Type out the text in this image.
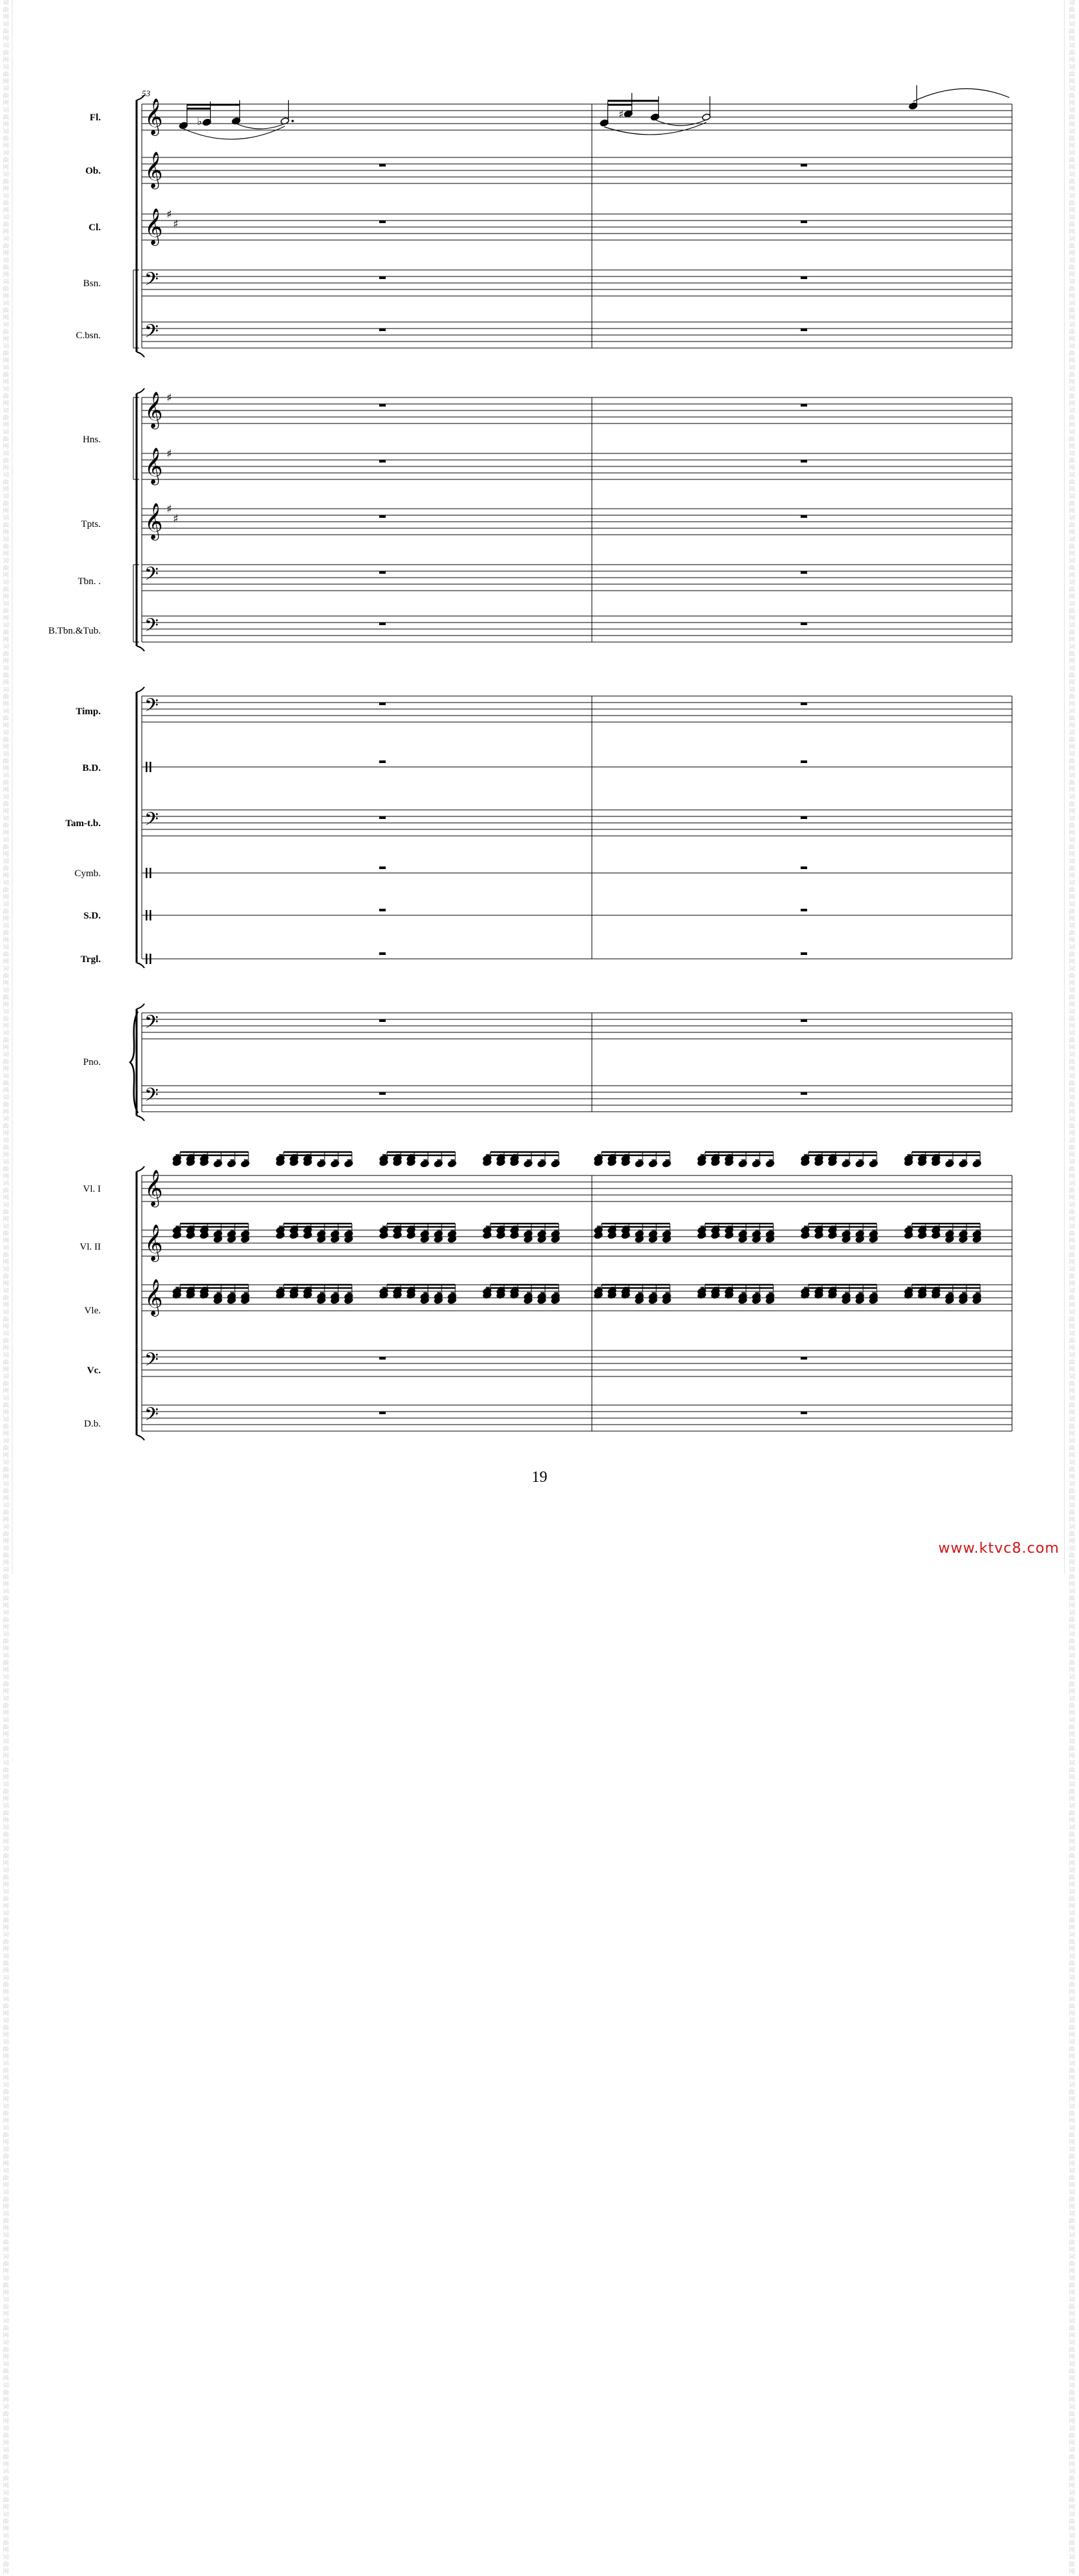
词曲网 词曲网 词曲网 词曲网 词曲网 词曲网 词曲网 词曲网 词曲网 词曲网 词曲网 词曲网 词曲网 词曲网 词曲网 词曲网 词曲网 词曲网 词曲网 词曲网 词曲网 词曲网 词曲网 词曲网 词曲网 词曲网 词曲网 词曲网 词曲网 词曲网 词曲网 词曲网 词曲网 词曲网 词曲网 词曲网 词曲网 词曲网 词曲网 词曲网 词曲网 词曲网 词曲网 词曲网 词曲网 词曲网 词曲网 词曲网 词曲网 词曲网 词曲网 词曲网 词曲网 词曲网 词曲网 词曲网 词曲网 词曲网 词曲网 词曲网 词曲网 词曲网 词曲网 词曲网 词曲网 词曲网 词曲网 词曲网 词曲网 词曲网 词曲网 词曲网 词曲网 词曲网 词曲网 词曲网 词曲网 词曲网 词曲网 词曲网 词曲网 词曲网 词曲网 词曲网 词曲网 词曲网 词曲网 词曲网 词曲网 词曲网 词曲网 词曲网 词曲网 词曲网 词曲网 词曲网 词曲网 词曲网 词曲网 词曲网 词曲网 词曲网 词曲网 词曲网 词曲网 词曲网 词曲网 词曲网 词曲网 词曲网 词曲网 词曲网 词曲网 词曲网 词曲网 词曲网 词曲网 词曲网 词曲网 词曲网
词曲网 词曲网 词曲网 词曲网 词曲网 词曲网 词曲网 词曲网 词曲网 词曲网 词曲网 词曲网 词曲网 词曲网 词曲网 词曲网 词曲网 词曲网 词曲网 词曲网 词曲网 词曲网 词曲网 词曲网 词曲网 词曲网 词曲网 词曲网 词曲网 词曲网 词曲网 词曲网 词曲网 词曲网 词曲网 词曲网 词曲网 词曲网 词曲网 词曲网 词曲网 词曲网 词曲网 词曲网 词曲网 词曲网 词曲网 词曲网 词曲网 词曲网 词曲网 词曲网 词曲网 词曲网 词曲网 词曲网 词曲网 词曲网 词曲网 词曲网 词曲网 词曲网 词曲网 词曲网 词曲网 词曲网 词曲网 词曲网 词曲网 词曲网 词曲网 词曲网 词曲网 词曲网 词曲网 词曲网 词曲网 词曲网 词曲网 词曲网 词曲网 词曲网 词曲网 词曲网 词曲网 词曲网 词曲网 词曲网 词曲网 词曲网 词曲网 词曲网 词曲网 词曲网 词曲网 词曲网 词曲网 词曲网 词曲网 词曲网 词曲网 词曲网 词曲网 词曲网 词曲网 词曲网 词曲网 词曲网 词曲网 词曲网 词曲网 词曲网 词曲网 词曲网 词曲网 词曲网 词曲网 词曲网 词曲网 词曲网
𝄞
Fl.
𝄞
Ob.
𝄞 ♯
♯
Cl.
𝄢
Bsn.
𝄢
C.bsn.
𝄞 ♯
𝄞 ♯
Hns.
𝄞 ♯
♯
Tpts.
𝄢
Tbn. .
𝄢
B.Tbn.&Tub.
𝄢
Timp.
B.D.
𝄢
Tam-t.b.
Cymb.
S.D.
Trgl.
𝄢
𝄢
Pno.
𝄞
Vl. I
𝄞
Vl. II
𝄞
Vle.
𝄢
Vc.
𝄢
D.b.
53
♭
♯
19
www.ktvc8.com
